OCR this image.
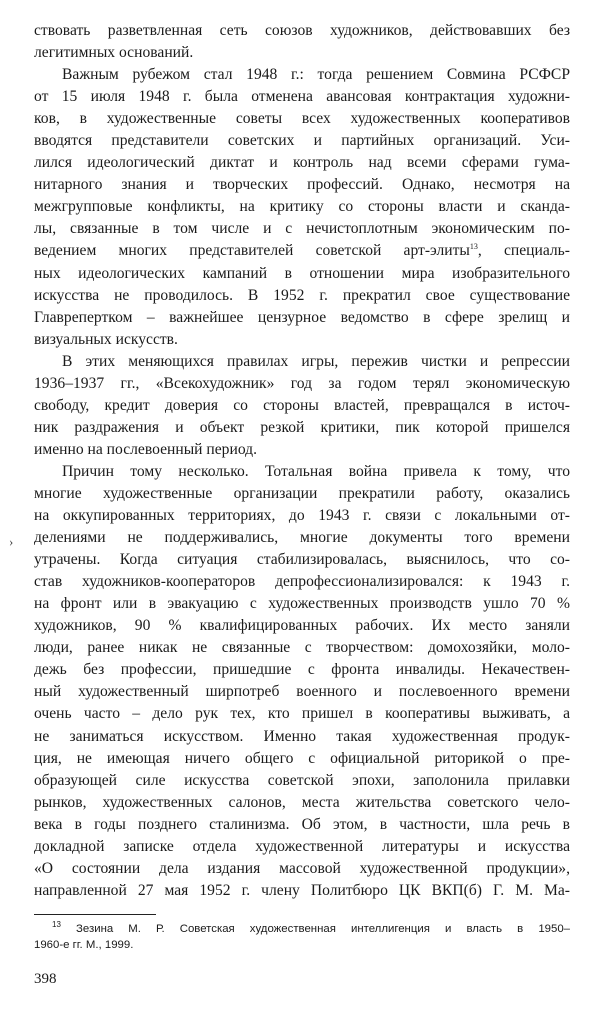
ствовать разветвленная сеть союзов художников, действовавших без
легитимных оснований.

Важным рубежом стал 1948 г.: тогда решением Совмина РСФСР
от 15 июля 1948 г. была отменена авансовая контрактация художни-
ков, в художественные советы всех художественных кооперативов
вводятся представители советских и партийных организаций. Уси-
лился идеологический диктат и контроль над всеми сферами гума-
нитарного знания и творческих профессий. Однако, несмотря на
межгрупповые конфликты, на критику со стороны власти и сканда-
лы, связанные в том числе и с нечистоплотным экономическим по-
ведением многих представителей советской арт-элиты$^{13}$, специаль-
ных идеологических кампаний в отношении мира изобразительного
искусства не проводилось. В 1952 г. прекратил свое существование
Главрепертком – важнейшее цензурное ведомство в сфере зрелищ и
визуальных искусств.

В этих меняющихся правилах игры, пережив чистки и репрессии
1936–1937 гг., «Всекохудожник» год за годом терял экономическую
свободу, кредит доверия со стороны властей, превращался в источ-
ник раздражения и объект резкой критики, пик которой пришелся
именно на послевоенный период.

Причин тому несколько. Тотальная война привела к тому, что
многие художественные организации прекратили работу, оказались
на оккупированных территориях, до 1943 г. связи с локальными от-
делениями не поддерживались, многие документы того времени
утрачены. Когда ситуация стабилизировалась, выяснилось, что со-
став художников-кооператоров депрофессионализировался: к 1943 г.
на фронт или в эвакуацию с художественных производств ушло 70 %
художников, 90 % квалифицированных рабочих. Их место заняли
люди, ранее никак не связанные с творчеством: домохозяйки, моло-
дежь без профессии, пришедшие с фронта инвалиды. Некачествен-
ный художественный ширпотреб военного и послевоенного времени
очень часто – дело рук тех, кто пришел в кооперативы выживать, а
не заниматься искусством. Именно такая художественная продук-
ция, не имеющая ничего общего с официальной риторикой о пре-
образующей силе искусства советской эпохи, заполонила прилавки
рынков, художественных салонов, места жительства советского чело-
века в годы позднего сталинизма. Об этом, в частности, шла речь в
докладной записке отдела художественной литературы и искусства
«О состоянии дела издания массовой художественной продукции»,
направленной 27 мая 1952 г. члену Политбюро ЦК ВКП(б) Г. М. Ма-

›
$^{13}$ Зезина М. Р. Советская художественная интеллигенция и власть в 1950–
1960-е гг. М., 1999.
398
